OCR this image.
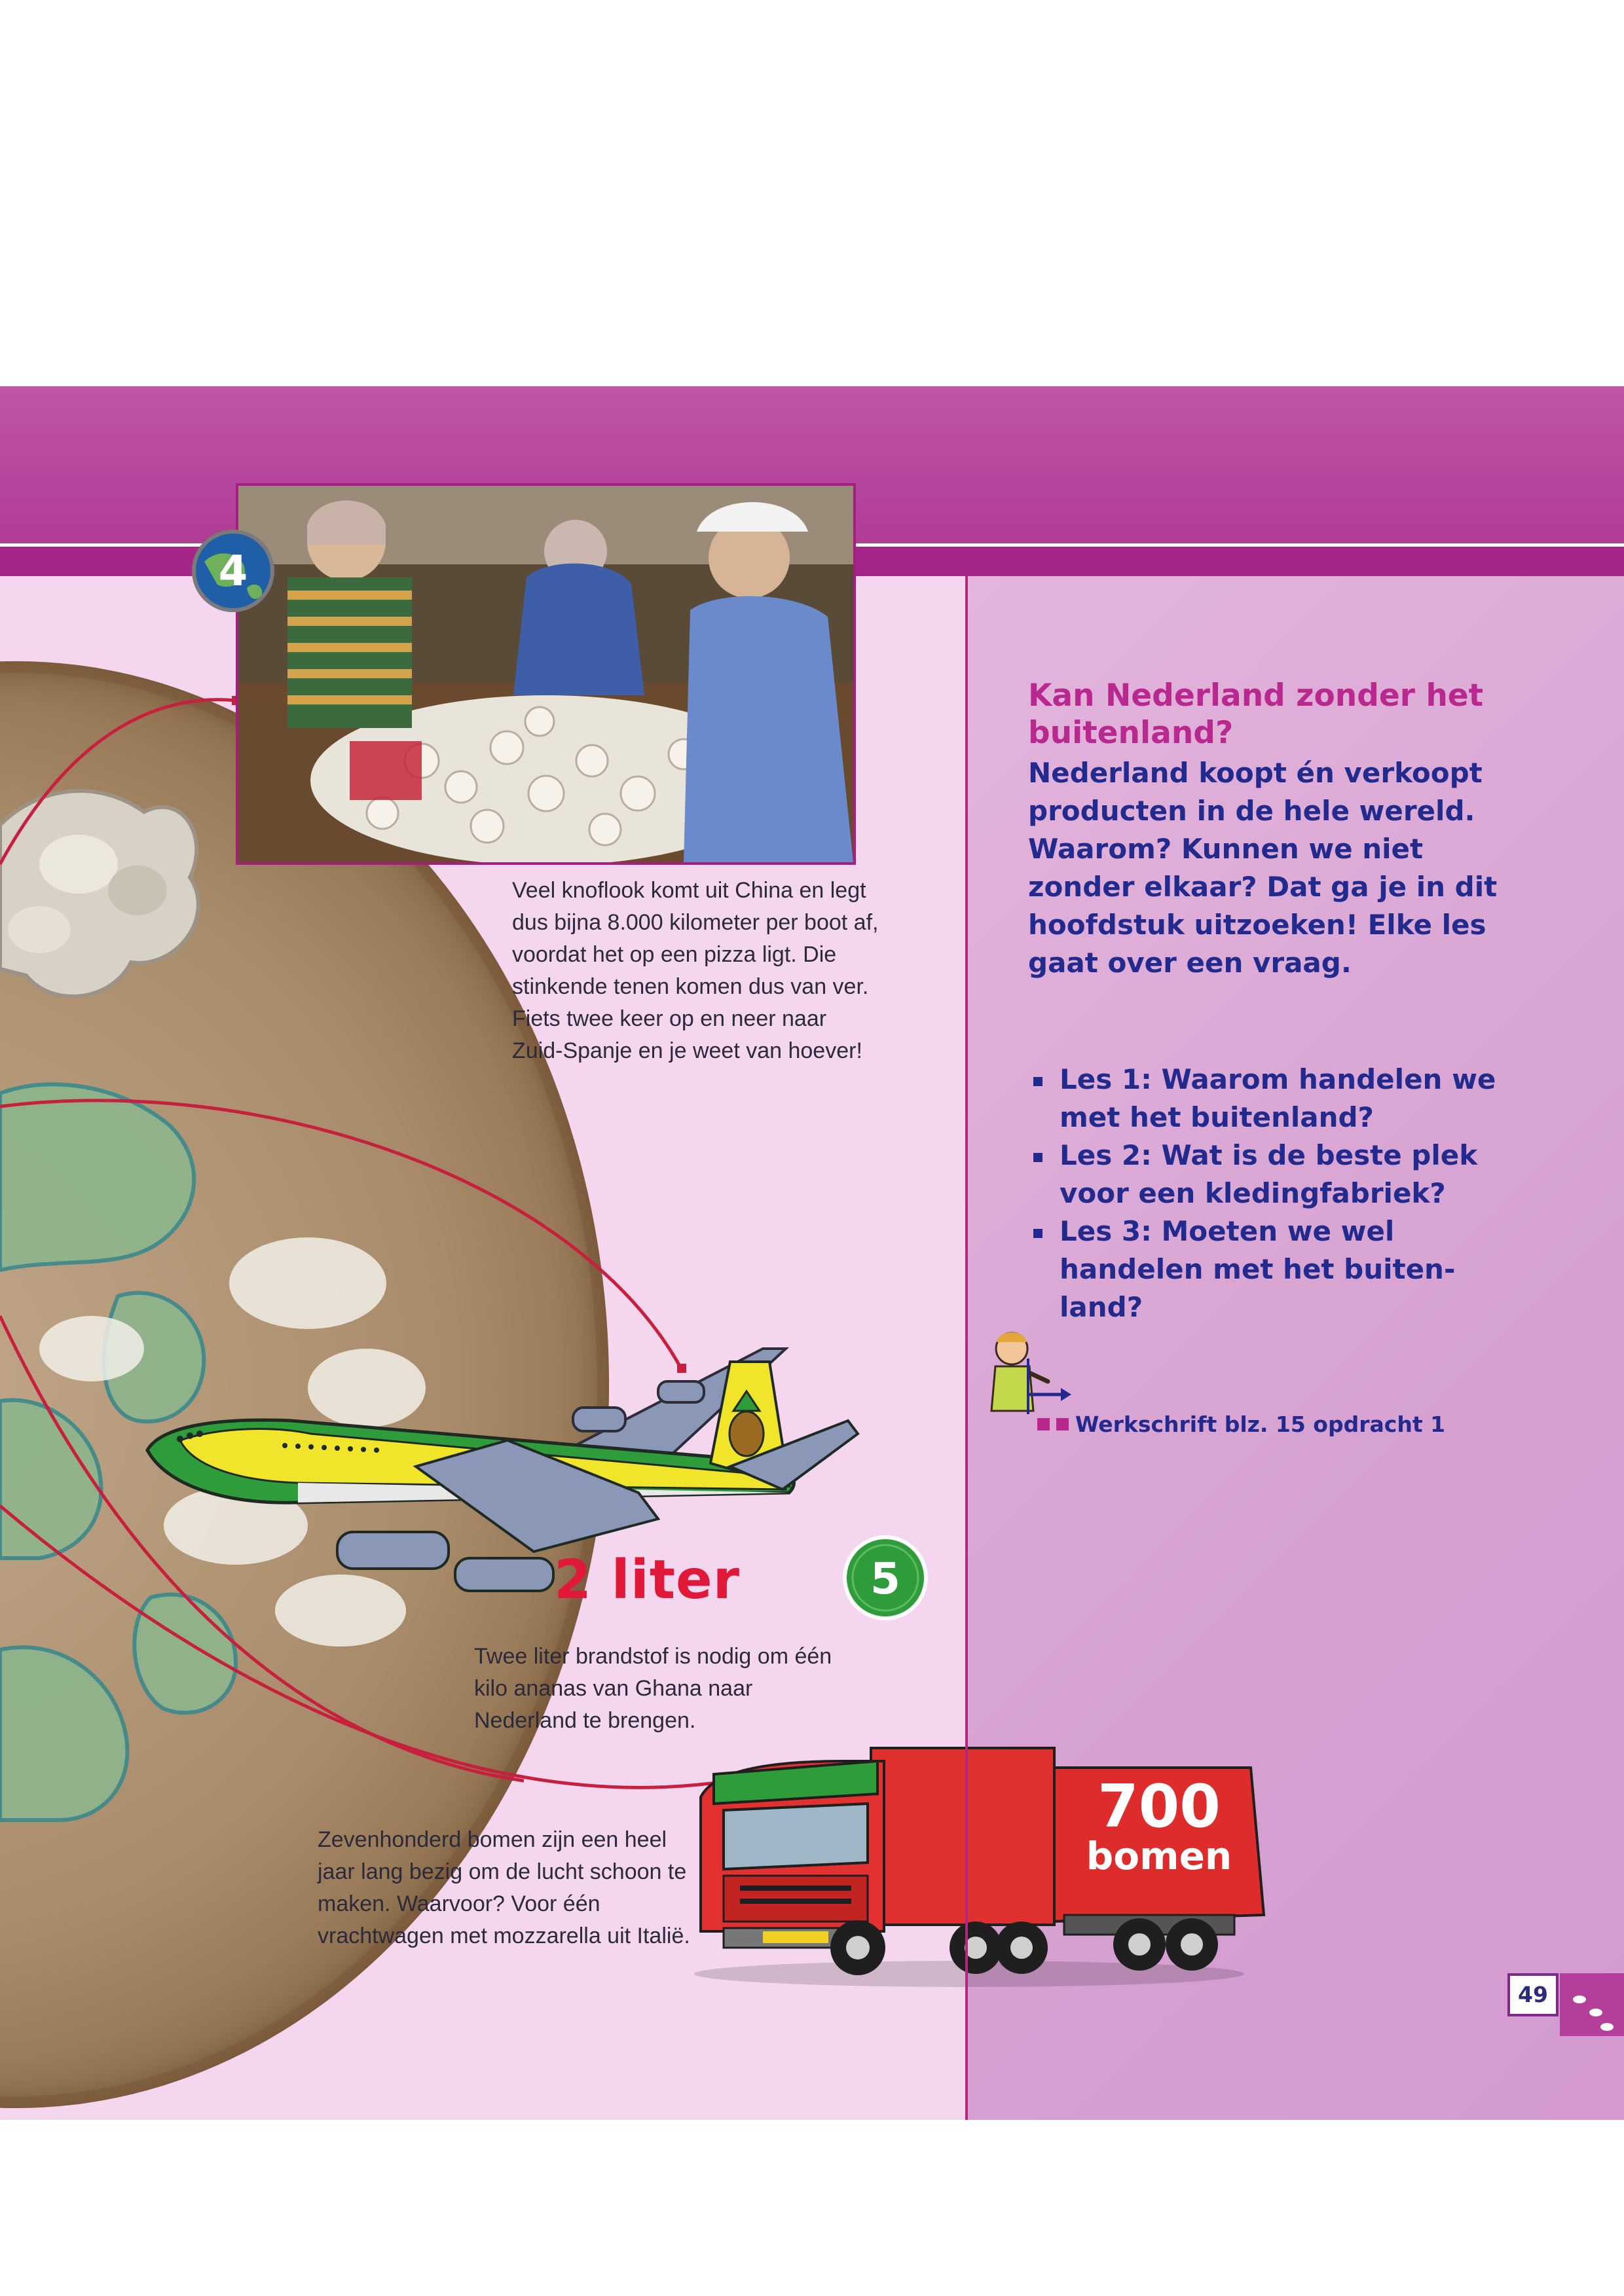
4
Veel knoflook komt uit China en legt dus bijna 8.000 kilometer per boot af, voordat het op een pizza ligt. Die stinkende tenen komen dus van ver. Fiets twee keer op en neer naar Zuid-Spanje en je weet van hoever!
2 liter	5
Twee liter brandstof is nodig om één kilo ananas van Ghana naar Nederland te brengen.
700
bomen
Zevenhonderd bomen zijn een heel jaar lang bezig om de lucht schoon te maken. Waarvoor? Voor één vrachtwagen met mozzarella uit Italië.
Kan Nederland zonder het buitenland?
Nederland koopt én verkoopt producten in de hele wereld. Waarom? Kunnen we niet zonder elkaar? Dat ga je in dit hoofdstuk uitzoeken! Elke les gaat over een vraag.
Les 1: Waarom handelen we met het buitenland?
Les 2: Wat is de beste plek voor een kledingfabriek?
Les 3: Moeten we wel handelen met het buiten-land?
Werkschrift blz. 15 opdracht 1
49
